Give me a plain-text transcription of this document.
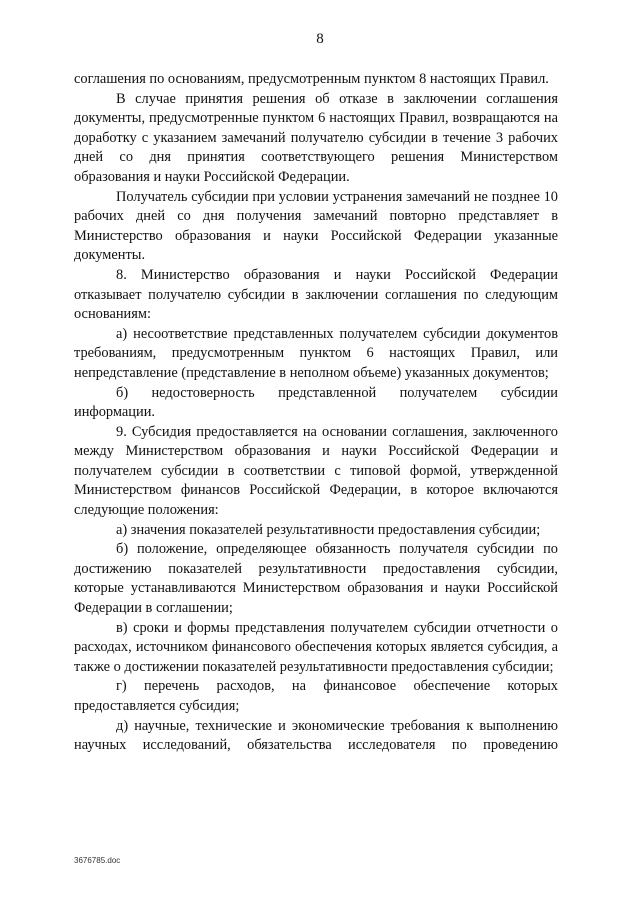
8

соглашения по основаниям, предусмотренным пунктом 8 настоящих Правил.

В случае принятия решения об отказе в заключении соглашения документы, предусмотренные пунктом 6 настоящих Правил, возвращаются на доработку с указанием замечаний получателю субсидии в течение 3 рабочих дней со дня принятия соответствующего решения Министерством образования и науки Российской Федерации.

Получатель субсидии при условии устранения замечаний не позднее 10 рабочих дней со дня получения замечаний повторно представляет в Министерство образования и науки Российской Федерации указанные документы.

8. Министерство образования и науки Российской Федерации отказывает получателю субсидии в заключении соглашения по следующим основаниям:

а) несоответствие представленных получателем субсидии документов требованиям, предусмотренным пунктом 6 настоящих Правил, или непредставление (представление в неполном объеме) указанных документов;

б) недостоверность представленной получателем субсидии информации.

9. Субсидия предоставляется на основании соглашения, заключенного между Министерством образования и науки Российской Федерации и получателем субсидии в соответствии с типовой формой, утвержденной Министерством финансов Российской Федерации, в которое включаются следующие положения:

а) значения показателей результативности предоставления субсидии;

б) положение, определяющее обязанность получателя субсидии по достижению показателей результативности предоставления субсидии, которые устанавливаются Министерством образования и науки Российской Федерации в соглашении;

в) сроки и формы представления получателем субсидии отчетности о расходах, источником финансового обеспечения которых является субсидия, а также о достижении показателей результативности предоставления субсидии;

г) перечень расходов, на финансовое обеспечение которых предоставляется субсидия;

д) научные, технические и экономические требования к выполнению научных исследований, обязательства исследователя по проведению

3676785.doc
